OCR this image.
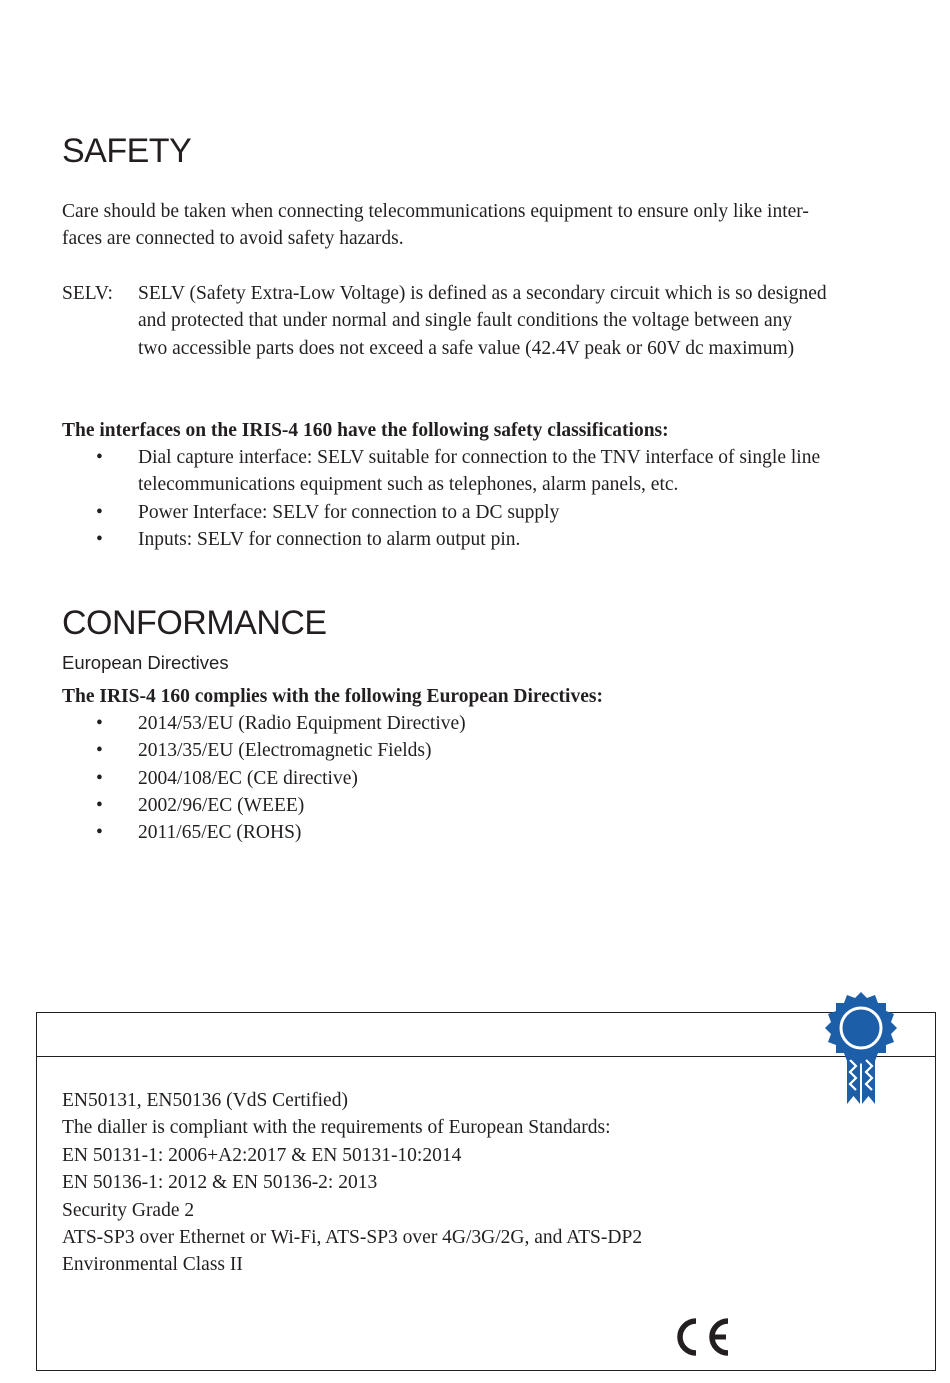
SAFETY

Care should be taken when connecting telecommunications equipment to ensure only like inter-
faces are connected to avoid safety hazards.

SELV: SELV (Safety Extra-Low Voltage) is defined as a secondary circuit which is so designed
and protected that under normal and single fault conditions the voltage between any
two accessible parts does not exceed a safe value (42.4V peak or 60V dc maximum)

The interfaces on the IRIS-4 160 have the following safety classifications:

• Dial capture interface: SELV suitable for connection to the TNV interface of single line
telecommunications equipment such as telephones, alarm panels, etc.
• Power Interface: SELV for connection to a DC supply
• Inputs: SELV for connection to alarm output pin.
CONFORMANCE

European Directives

The IRIS-4 160 complies with the following European Directives:

• 2014/53/EU (Radio Equipment Directive)
• 2013/35/EU (Electromagnetic Fields)
• 2004/108/EC (CE directive)
• 2002/96/EC (WEEE)
• 2011/65/EC (ROHS)
EN50131, EN50136 (VdS Certified)
The dialler is compliant with the requirements of European Standards:
EN 50131-1: 2006+A2:2017 & EN 50131-10:2014
EN 50136-1: 2012 & EN 50136-2: 2013
Security Grade 2
ATS-SP3 over Ethernet or Wi-Fi, ATS-SP3 over 4G/3G/2G, and ATS-DP2
Environmental Class II
